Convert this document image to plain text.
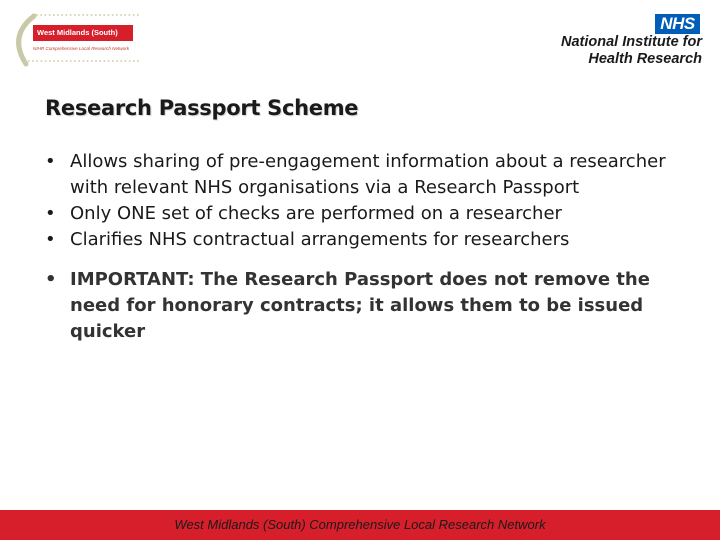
West Midlands (South)
NIHR Comprehensive Local Research Network
NHS
National Institute for
Health Research
Research Passport Scheme
• Allows sharing of pre-engagement information about a researcher with relevant NHS organisations via a Research Passport
• Only ONE set of checks are performed on a researcher
• Clarifies NHS contractual arrangements for researchers
• IMPORTANT: The Research Passport does not remove the need for honorary contracts; it allows them to be issued quicker
West Midlands (South) Comprehensive Local Research Network
